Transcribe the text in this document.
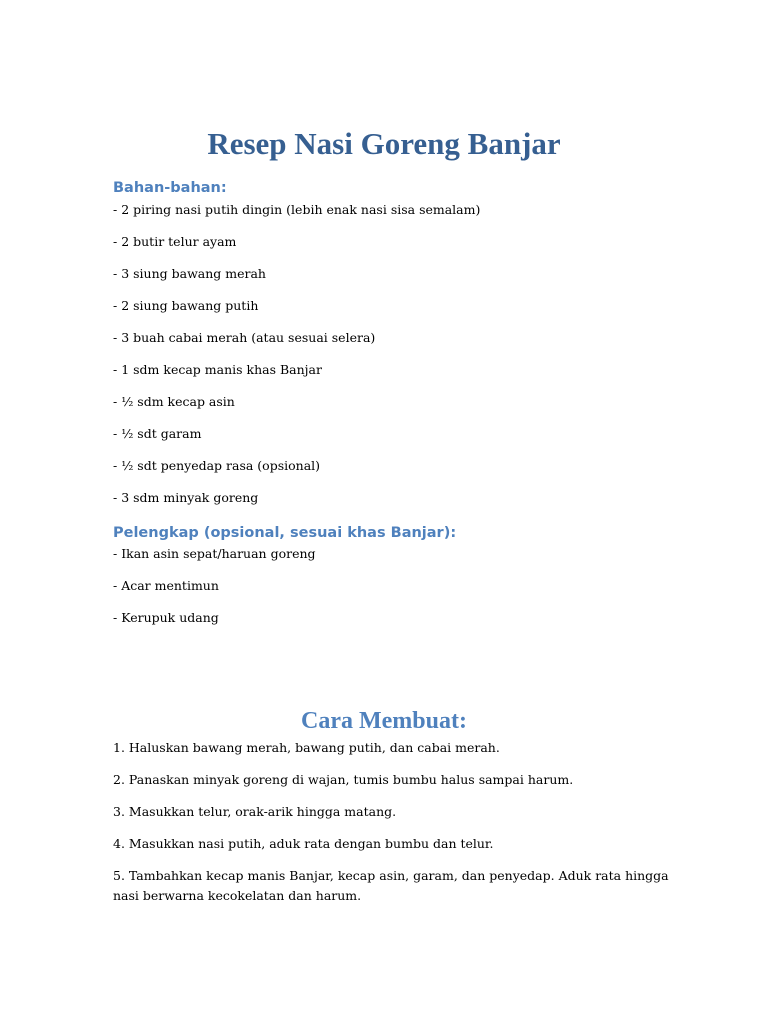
Resep Nasi Goreng Banjar
Bahan-bahan:
- 2 piring nasi putih dingin (lebih enak nasi sisa semalam)
- 2 butir telur ayam
- 3 siung bawang merah
- 2 siung bawang putih
- 3 buah cabai merah (atau sesuai selera)
- 1 sdm kecap manis khas Banjar
- ½ sdm kecap asin
- ½ sdt garam
- ½ sdt penyedap rasa (opsional)
- 3 sdm minyak goreng
Pelengkap (opsional, sesuai khas Banjar):
- Ikan asin sepat/haruan goreng
- Acar mentimun
- Kerupuk udang
Cara Membuat:
1. Haluskan bawang merah, bawang putih, dan cabai merah.
2. Panaskan minyak goreng di wajan, tumis bumbu halus sampai harum.
3. Masukkan telur, orak-arik hingga matang.
4. Masukkan nasi putih, aduk rata dengan bumbu dan telur.
5. Tambahkan kecap manis Banjar, kecap asin, garam, dan penyedap. Aduk rata hingga nasi berwarna kecokelatan dan harum.
